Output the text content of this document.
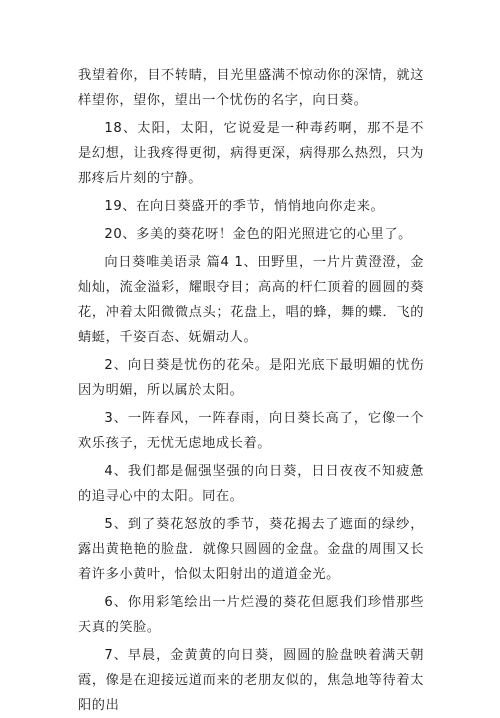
我望着你，目不转睛，目光里盛满不惊动你的深情，就这样望你，望你，望出一个忧伤的名字，向日葵。

18、太阳，太阳，它说爱是一种毒药啊，那不是不是幻想，让我疼得更彻，病得更深，病得那么热烈，只为那疼后片刻的宁静。

19、在向日葵盛开的季节，悄悄地向你走来。

20、多美的葵花呀！金色的阳光照进它的心里了。

向日葵唯美语录 篇4 1、田野里，一片片黄澄澄，金灿灿，流金溢彩，耀眼夺目；高高的杆仁顶着的圆圆的葵花，冲着太阳微微点头；花盘上，唱的蜂，舞的蝶．飞的蜻蜓，千姿百态、妩媚动人。

2、向日葵是忧伤的花朵。是阳光底下最明媚的忧伤因为明媚，所以属於太阳。

3、一阵春风，一阵春雨，向日葵长高了，它像一个欢乐孩子，无忧无虑地成长着。

4、我们都是倔强坚强的向日葵，日日夜夜不知疲惫的追寻心中的太阳。同在。

5、到了葵花怒放的季节，葵花揭去了遮面的绿纱，露出黄艳艳的脸盘．就像只圆圆的金盘。金盘的周围又长着许多小黄叶，恰似太阳射出的道道金光。

6、你用彩笔绘出一片烂漫的葵花但愿我们珍惜那些天真的笑脸。

7、早晨，金黄黄的向日葵，圆圆的脸盘映着满天朝霞，像是在迎接远道而来的老朋友似的，焦急地等待着太阳的出
